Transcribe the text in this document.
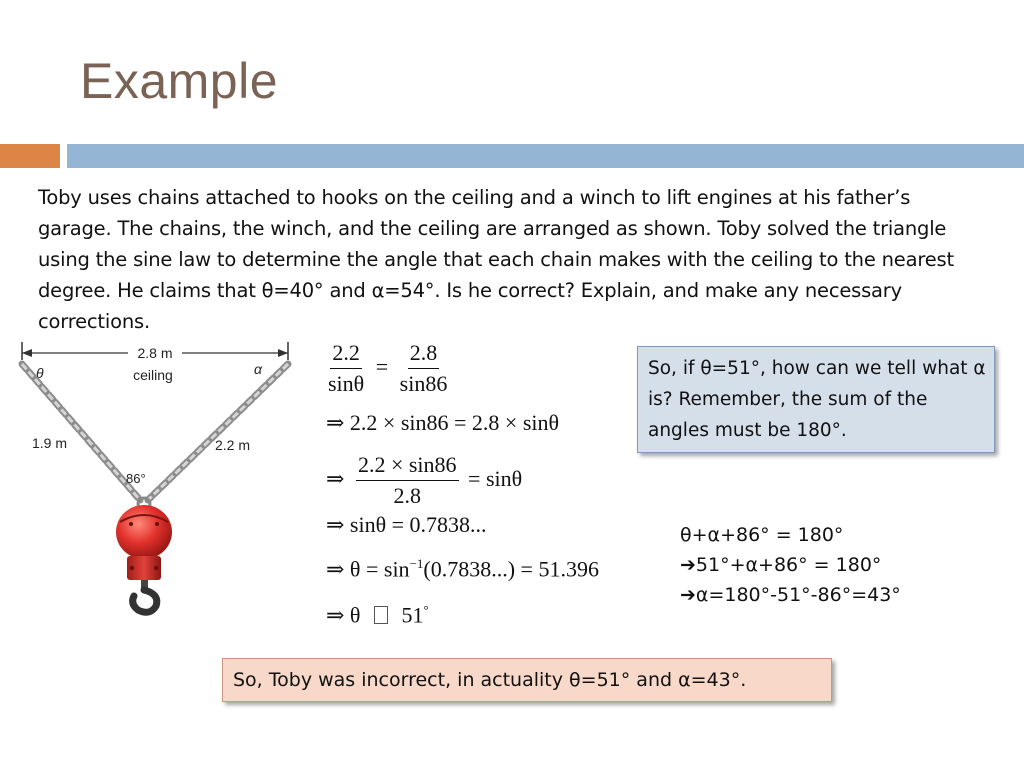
Example
Toby uses chains attached to hooks on the ceiling and a winch to lift engines at his father’s garage. The chains, the winch, and the ceiling are arranged as shown. Toby solved the triangle using the sine law to determine the angle that each chain makes with the ceiling to the nearest degree. He claims that θ=40° and α=54°. Is he correct? Explain, and make any necessary corrections.
2.8 m
ceiling
θ	α
1.9 m	2.2 m
86°
$\frac{2.2}{\sin\theta} = \frac{2.8}{\sin 86}$
⇒ 2.2 × sin86 = 2.8 × sinθ
⇒ $\frac{2.2 \times \sin 86}{2.8} = \sin\theta$
⇒ sinθ = 0.7838...
⇒ $\theta = \sin^{-1}(0.7838...) = 51.396$
⇒ θ 51°
So, if θ=51°, how can we tell what α is? Remember, the sum of the angles must be 180°.
θ+α+86° = 180°
➔51°+α+86° = 180°
➔α=180°-51°-86°=43°
So, Toby was incorrect, in actuality θ=51° and α=43°.
